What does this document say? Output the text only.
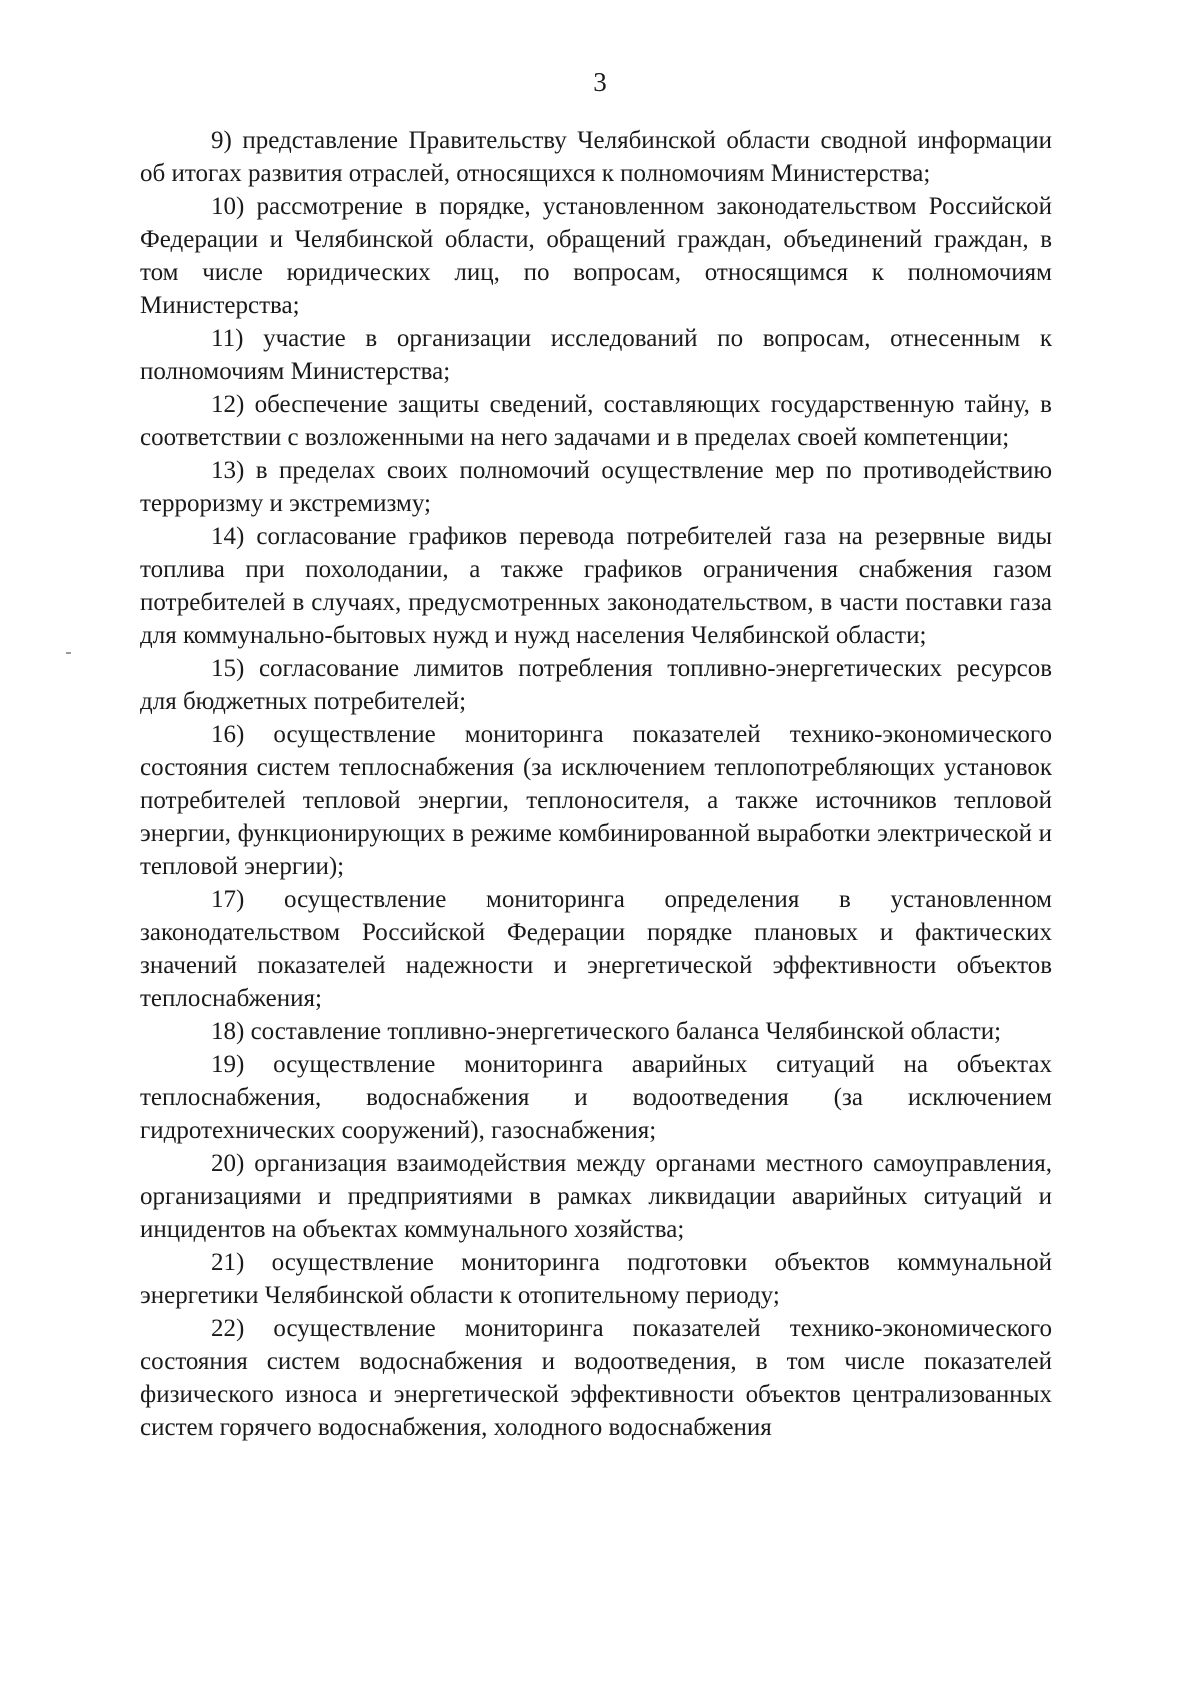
3

9) представление Правительству Челябинской области сводной информации об итогах развития отраслей, относящихся к полномочиям Министерства;

10) рассмотрение в порядке, установленном законодательством Российской Федерации и Челябинской области, обращений граждан, объединений граждан, в том числе юридических лиц, по вопросам, относящимся к полномочиям Министерства;

11) участие в организации исследований по вопросам, отнесенным к полномочиям Министерства;

12) обеспечение защиты сведений, составляющих государственную тайну, в соответствии с возложенными на него задачами и в пределах своей компетенции;

13) в пределах своих полномочий осуществление мер по противодействию терроризму и экстремизму;

14) согласование графиков перевода потребителей газа на резервные виды топлива при похолодании, а также графиков ограничения снабжения газом потребителей в случаях, предусмотренных законодательством, в части поставки газа для коммунально-бытовых нужд и нужд населения Челябинской области;

15) согласование лимитов потребления топливно-энергетических ресурсов для бюджетных потребителей;

16) осуществление мониторинга показателей технико-экономического состояния систем теплоснабжения (за исключением теплопотребляющих установок потребителей тепловой энергии, теплоносителя, а также источников тепловой энергии, функционирующих в режиме комбинированной выработки электрической и тепловой энергии);

17) осуществление мониторинга определения в установленном законодательством Российской Федерации порядке плановых и фактических значений показателей надежности и энергетической эффективности объектов теплоснабжения;

18) составление топливно-энергетического баланса Челябинской области;

19) осуществление мониторинга аварийных ситуаций на объектах теплоснабжения, водоснабжения и водоотведения (за исключением гидротехнических сооружений), газоснабжения;

20) организация взаимодействия между органами местного самоуправления, организациями и предприятиями в рамках ликвидации аварийных ситуаций и инцидентов на объектах коммунального хозяйства;

21) осуществление мониторинга подготовки объектов коммунальной энергетики Челябинской области к отопительному периоду;

22) осуществление мониторинга показателей технико-экономического состояния систем водоснабжения и водоотведения, в том числе показателей физического износа и энергетической эффективности объектов централизованных систем горячего водоснабжения, холодного водоснабжения
